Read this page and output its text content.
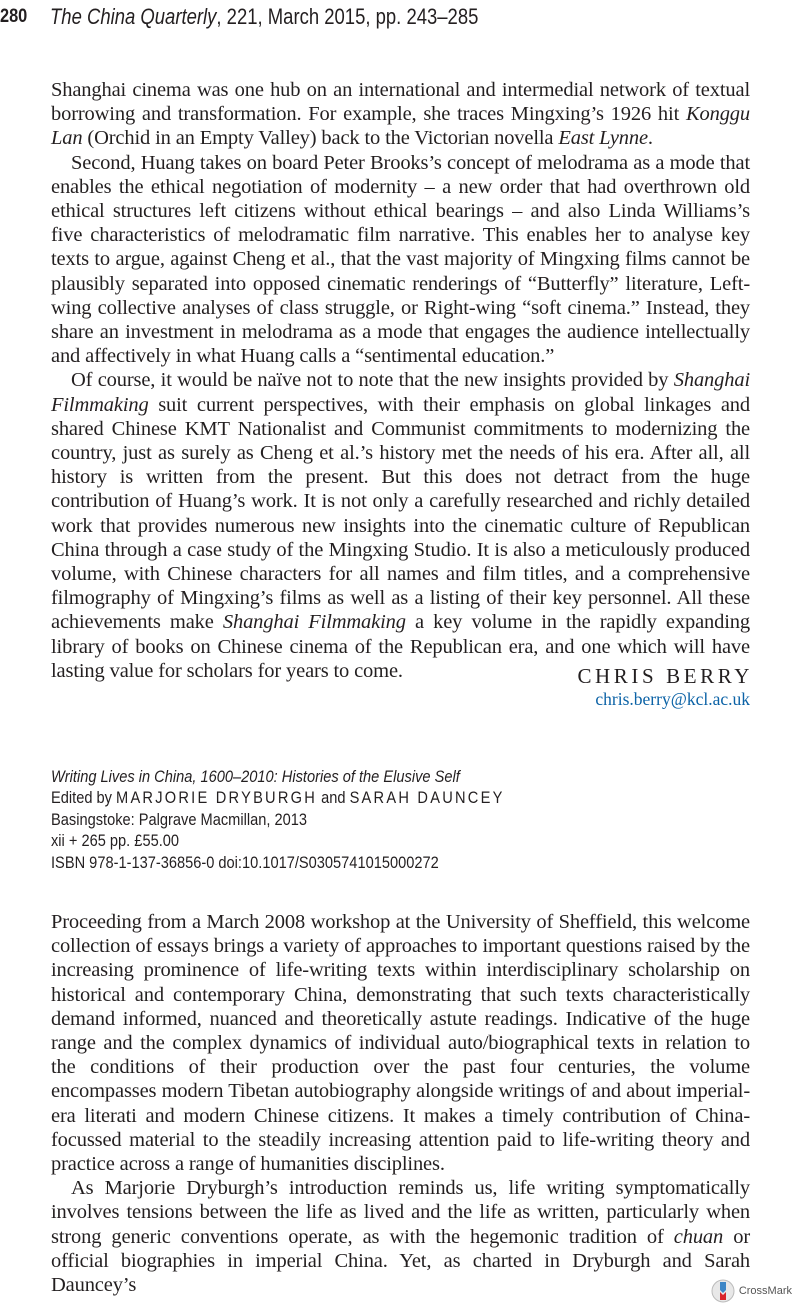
280 The China Quarterly, 221, March 2015, pp. 243–285

Shanghai cinema was one hub on an international and intermedial network of textual borrowing and transformation. For example, she traces Mingxing’s 1926 hit Konggu Lan (Orchid in an Empty Valley) back to the Victorian novella East Lynne.

Second, Huang takes on board Peter Brooks’s concept of melodrama as a mode that enables the ethical negotiation of modernity – a new order that had overthrown old ethical structures left citizens without ethical bearings – and also Linda Williams’s five characteristics of melodramatic film narrative. This enables her to analyse key texts to argue, against Cheng et al., that the vast majority of Mingxing films cannot be plausibly separated into opposed cinematic renderings of “Butterfly” literature, Left-wing collective analyses of class struggle, or Right-wing “soft cinema.” Instead, they share an investment in melodrama as a mode that engages the audience intellectually and affectively in what Huang calls a “sentimental education.”

Of course, it would be naïve not to note that the new insights provided by Shanghai Filmmaking suit current perspectives, with their emphasis on global linkages and shared Chinese KMT Nationalist and Communist commitments to modernizing the country, just as surely as Cheng et al.’s history met the needs of his era. After all, all history is written from the present. But this does not detract from the huge contribution of Huang’s work. It is not only a carefully researched and richly detailed work that provides numerous new insights into the cinematic culture of Republican China through a case study of the Mingxing Studio. It is also a meticulously produced volume, with Chinese characters for all names and film titles, and a comprehensive filmography of Mingxing’s films as well as a listing of their key personnel. All these achievements make Shanghai Filmmaking a key volume in the rapidly expanding library of books on Chinese cinema of the Republican era, and one which will have lasting value for scholars for years to come.	CHRIS BERRY
chris.berry@kcl.ac.uk
Writing Lives in China, 1600–2010: Histories of the Elusive Self
Edited by MARJORIE DRYBURGH and SARAH DAUNCEY
Basingstoke: Palgrave Macmillan, 2013
xii + 265 pp. £55.00
ISBN 978-1-137-36856-0 doi:10.1017/S0305741015000272

Proceeding from a March 2008 workshop at the University of Sheffield, this welcome collection of essays brings a variety of approaches to important questions raised by the increasing prominence of life-writing texts within interdisciplinary scholarship on historical and contemporary China, demonstrating that such texts characteristically demand informed, nuanced and theoretically astute readings. Indicative of the huge range and the complex dynamics of individual auto/biographical texts in relation to the conditions of their production over the past four centuries, the volume encompasses modern Tibetan autobiography alongside writings of and about imperial-era literati and modern Chinese citizens. It makes a timely contribution of China-focussed material to the steadily increasing attention paid to life-writing theory and practice across a range of humanities disciplines.

As Marjorie Dryburgh’s introduction reminds us, life writing symptomatically involves tensions between the life as lived and the life as written, particularly when strong generic conventions operate, as with the hegemonic tradition of chuan or official biographies in imperial China. Yet, as charted in Dryburgh and Sarah Dauncey’s	CrossMark
